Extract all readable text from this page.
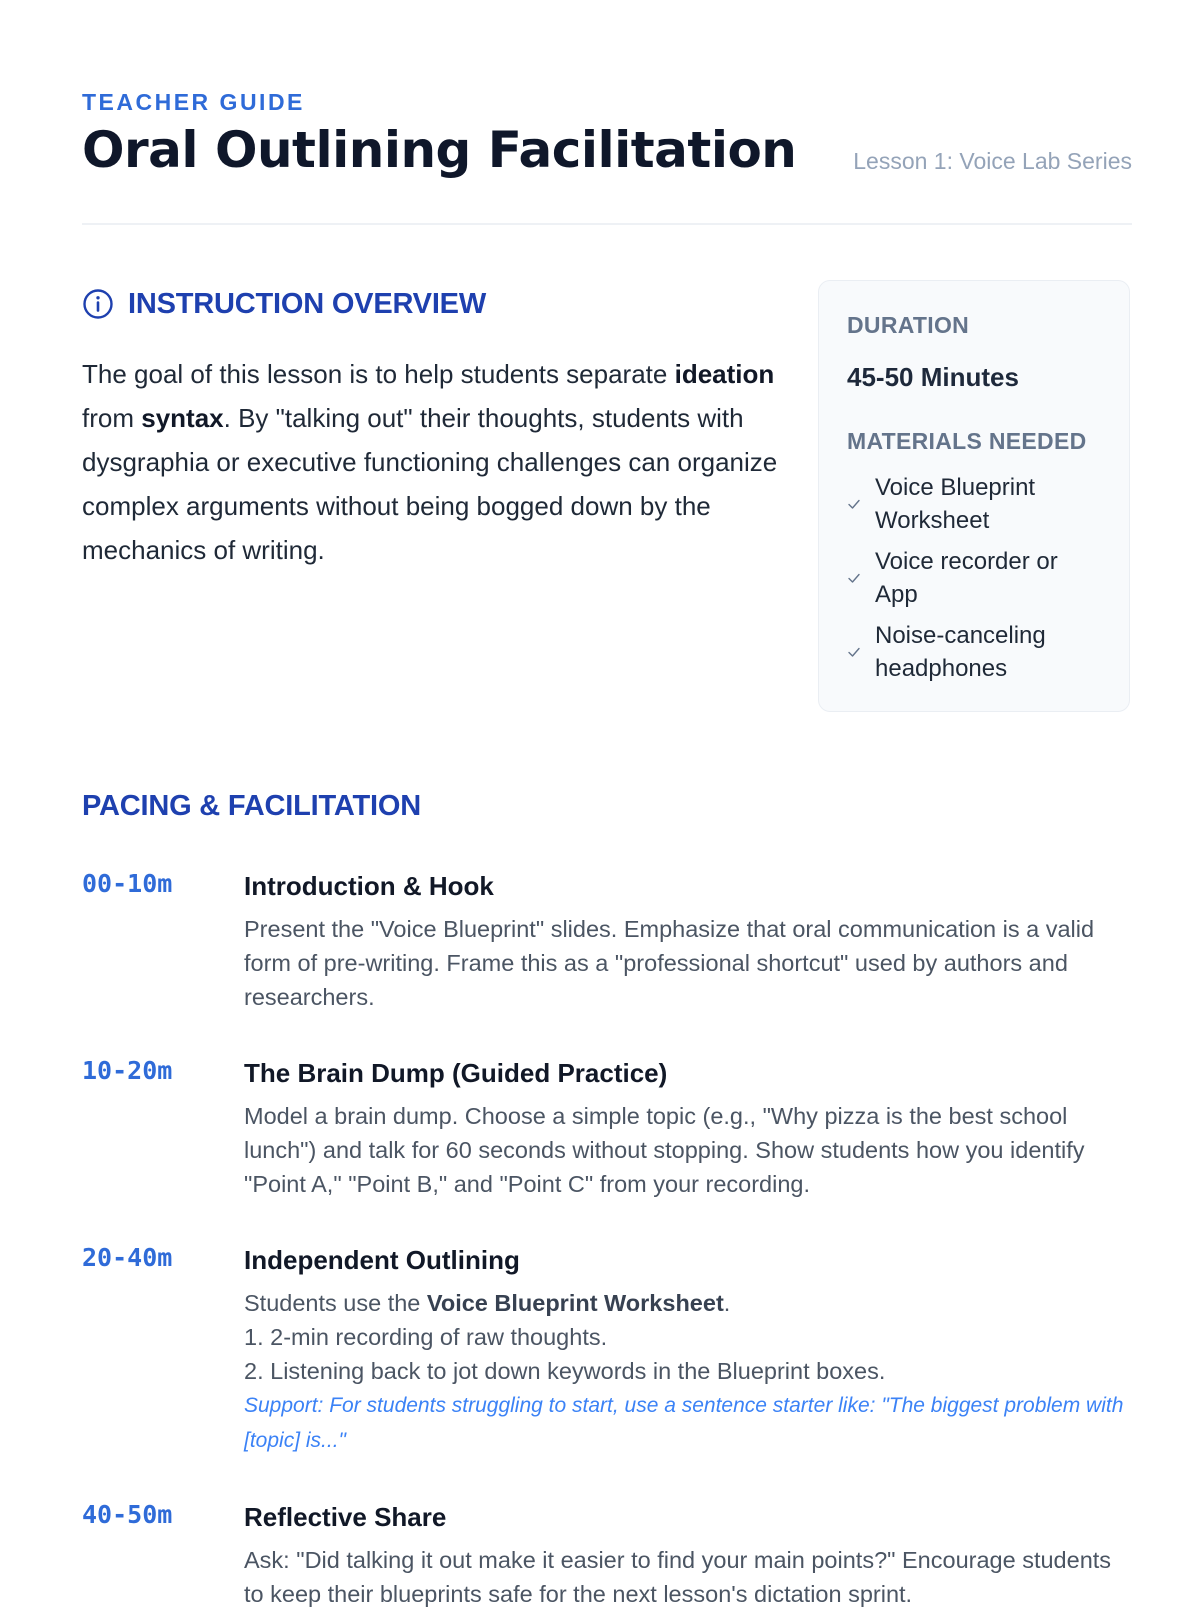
TEACHER GUIDE

Oral Outlining Facilitation	Lesson 1: Voice Lab Series
INSTRUCTION OVERVIEW

The goal of this lesson is to help students separate ideation from syntax. By "talking out" their thoughts, students with dysgraphia or executive functioning challenges can organize complex arguments without being bogged down by the mechanics of writing.

DURATION

45-50 Minutes

MATERIALS NEEDED

Voice Blueprint Worksheet
Voice recorder or App
Noise-canceling headphones
PACING & FACILITATION
00-10m	Introduction & Hook

Present the "Voice Blueprint" slides. Emphasize that oral communication is a valid form of pre-writing. Frame this as a "professional shortcut" used by authors and researchers.

10-20m	The Brain Dump (Guided Practice)

Model a brain dump. Choose a simple topic (e.g., "Why pizza is the best school lunch") and talk for 60 seconds without stopping. Show students how you identify "Point A," "Point B," and "Point C" from your recording.

20-40m	Independent Outlining

Students use the Voice Blueprint Worksheet.
1. 2-min recording of raw thoughts.
2. Listening back to jot down keywords in the Blueprint boxes.
Support: For students struggling to start, use a sentence starter like: "The biggest problem with [topic] is..."

40-50m	Reflective Share

Ask: "Did talking it out make it easier to find your main points?" Encourage students to keep their blueprints safe for the next lesson's dictation sprint.
